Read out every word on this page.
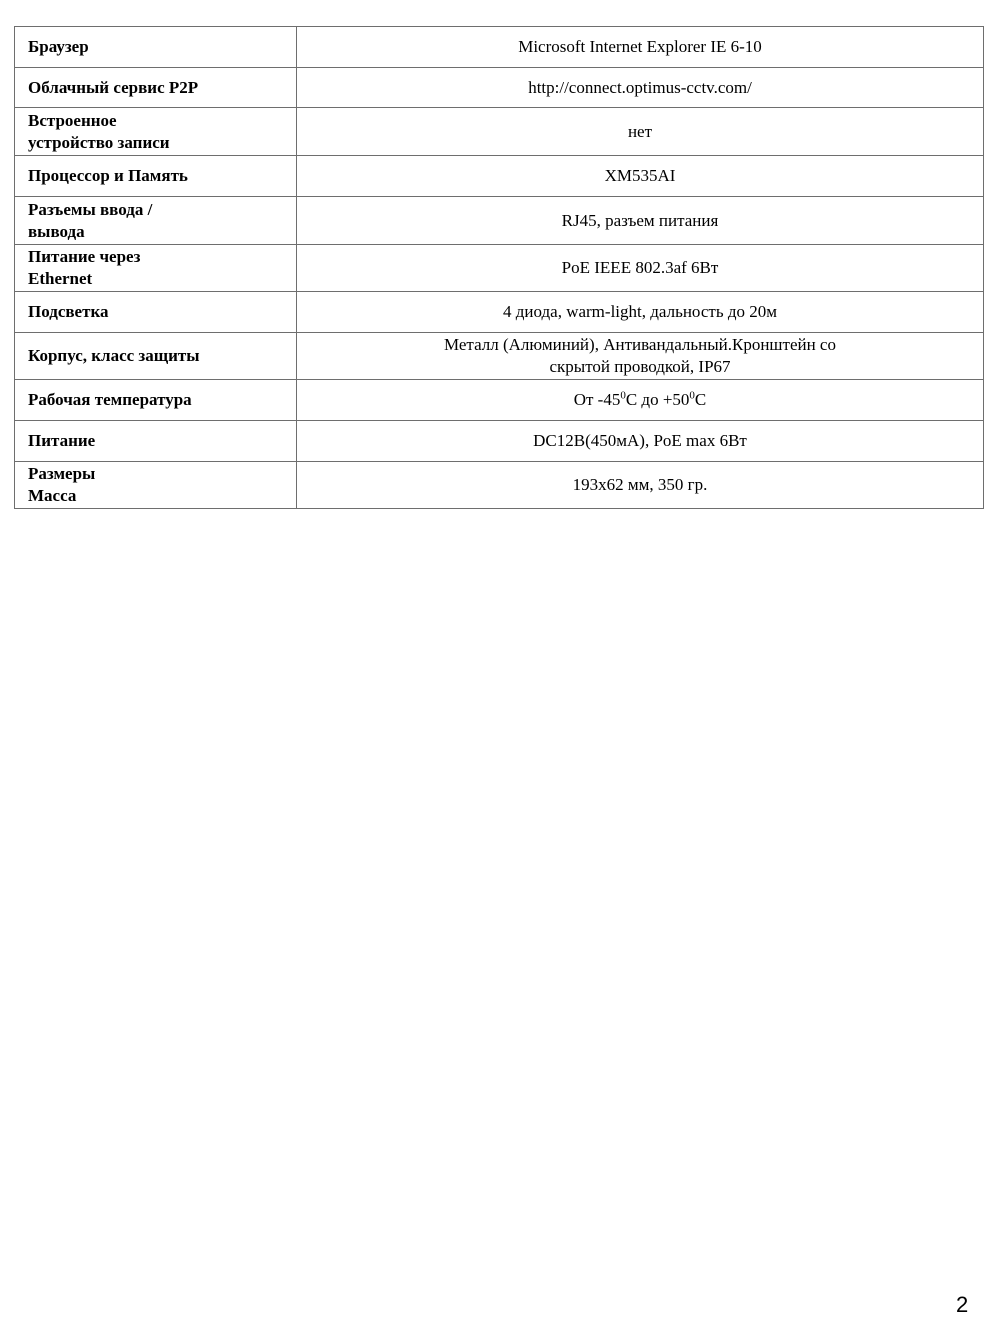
Браузер	Microsoft Internet Explorer IE 6-10
Облачный сервис P2P	http://connect.optimus-cctv.com/
Встроенное
устройство записи	нет
Процессор и Память	XM535AI
Разъемы ввода /
вывода	RJ45, разъем питания
Питание через
Ethernet	PoE IEEE 802.3af 6Вт
Подсветка	4 диода, warm-light, дальность до 20м
Корпус, класс защиты	Металл (Алюминий), Антивандальный.Кронштейн со
скрытой проводкой, IP67
Рабочая температура	От $-45^0С$ до $+50^0С$
Питание	DC12В(450мА), PoE max 6Вт
Размеры
Масса	193x62 мм, 350 гр.
2
